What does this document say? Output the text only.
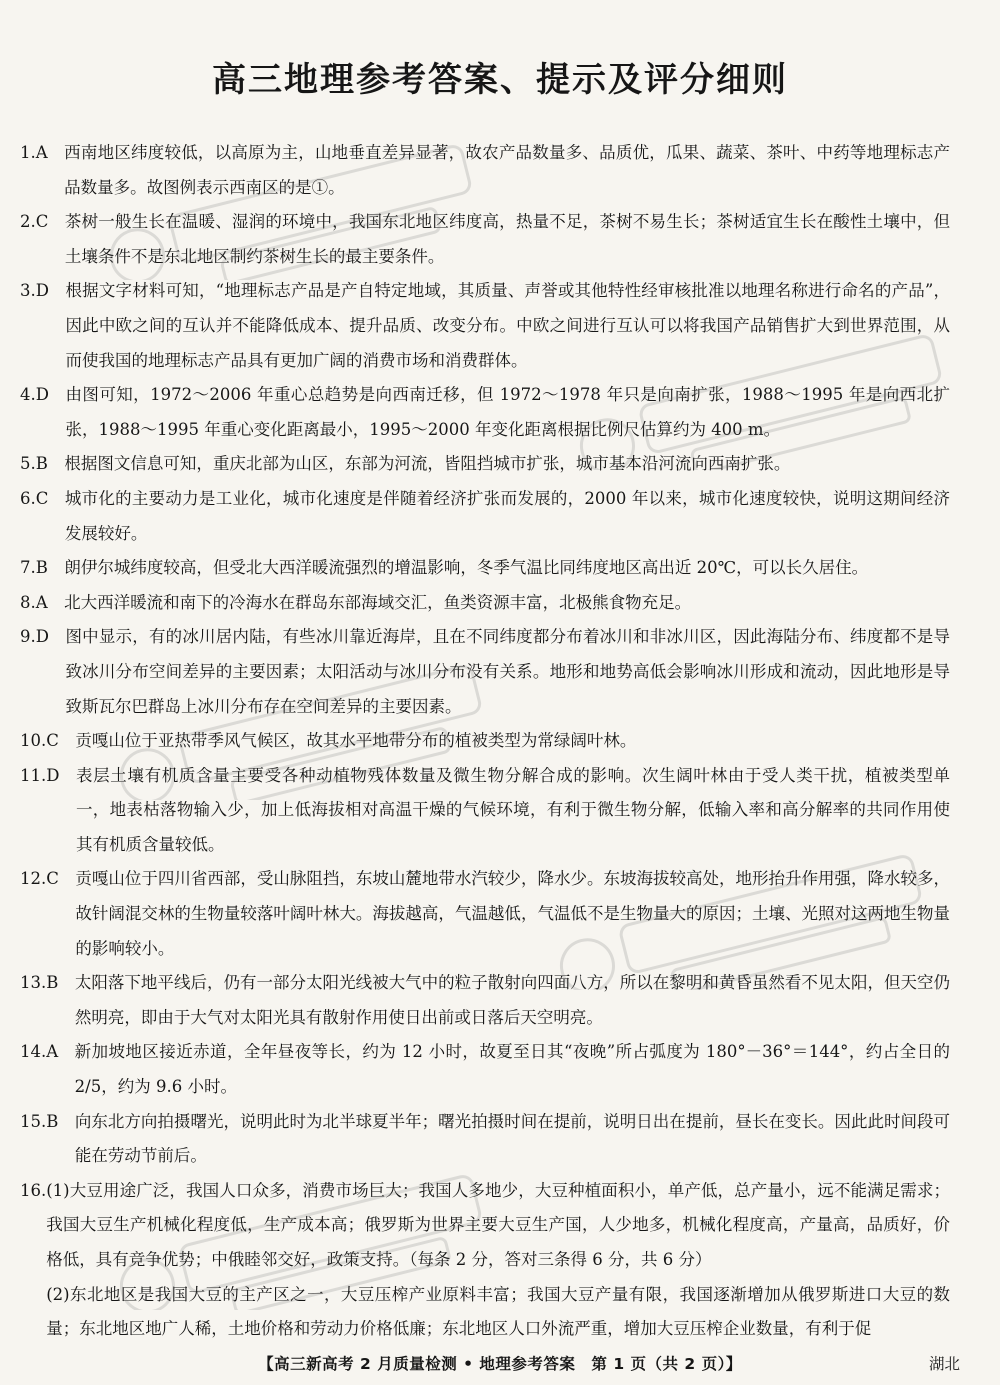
高三地理参考答案、提示及评分细则
1.A　 西南地区纬度较低，以高原为主，山地垂直差异显著，故农产品数量多、品质优，瓜果、蔬菜、茶叶、中药等地理标志产品数量多。故图例表示西南区的是①。
2.C　 茶树一般生长在温暖、湿润的环境中，我国东北地区纬度高，热量不足，茶树不易生长；茶树适宜生长在酸性土壤中，但土壤条件不是东北地区制约茶树生长的最主要条件。
3.D　 根据文字材料可知，“地理标志产品是产自特定地域，其质量、声誉或其他特性经审核批准以地理名称进行命名的产品”，因此中欧之间的互认并不能降低成本、提升品质、改变分布。中欧之间进行互认可以将我国产品销售扩大到世界范围，从而使我国的地理标志产品具有更加广阔的消费市场和消费群体。
4.D　 由图可知，1972～2006 年重心总趋势是向西南迁移，但 1972～1978 年只是向南扩张，1988～1995 年是向西北扩张，1988～1995 年重心变化距离最小，1995～2000 年变化距离根据比例尺估算约为 400 m。
5.B　 根据图文信息可知，重庆北部为山区，东部为河流，皆阻挡城市扩张，城市基本沿河流向西南扩张。
6.C　 城市化的主要动力是工业化，城市化速度是伴随着经济扩张而发展的，2000 年以来，城市化速度较快，说明这期间经济发展较好。
7.B　 朗伊尔城纬度较高，但受北大西洋暖流强烈的增温影响，冬季气温比同纬度地区高出近 20℃，可以长久居住。
8.A　 北大西洋暖流和南下的冷海水在群岛东部海域交汇，鱼类资源丰富，北极熊食物充足。
9.D　 图中显示，有的冰川居内陆，有些冰川靠近海岸，且在不同纬度都分布着冰川和非冰川区，因此海陆分布、纬度都不是导致冰川分布空间差异的主要因素；太阳活动与冰川分布没有关系。地形和地势高低会影响冰川形成和流动，因此地形是导致斯瓦尔巴群岛上冰川分布存在空间差异的主要因素。
10.C　 贡嘎山位于亚热带季风气候区，故其水平地带分布的植被类型为常绿阔叶林。
11.D　 表层土壤有机质含量主要受各种动植物残体数量及微生物分解合成的影响。次生阔叶林由于受人类干扰，植被类型单一，地表枯落物输入少，加上低海拔相对高温干燥的气候环境，有利于微生物分解，低输入率和高分解率的共同作用使其有机质含量较低。
12.C　 贡嘎山位于四川省西部，受山脉阻挡，东坡山麓地带水汽较少，降水少。东坡海拔较高处，地形抬升作用强，降水较多，故针阔混交林的生物量较落叶阔叶林大。海拔越高，气温越低，气温低不是生物量大的原因；土壤、光照对这两地生物量的影响较小。
13.B　 太阳落下地平线后，仍有一部分太阳光线被大气中的粒子散射向四面八方，所以在黎明和黄昏虽然看不见太阳，但天空仍然明亮，即由于大气对太阳光具有散射作用使日出前或日落后天空明亮。
14.A　 新加坡地区接近赤道，全年昼夜等长，约为 12 小时，故夏至日其“夜晚”所占弧度为 180°－36°＝144°，约占全日的 2/5，约为 9.6 小时。
15.B　 向东北方向拍摄曙光，说明此时为北半球夏半年；曙光拍摄时间在提前，说明日出在提前，昼长在变长。因此此时间段可能在劳动节前后。
16. (1)大豆用途广泛，我国人口众多，消费市场巨大；我国人多地少，大豆种植面积小，单产低，总产量小，远不能满足需求；我国大豆生产机械化程度低，生产成本高；俄罗斯为世界主要大豆生产国，人少地多，机械化程度高，产量高，品质好，价格低，具有竞争优势；中俄睦邻交好，政策支持。（每条 2 分，答对三条得 6 分，共 6 分）
(2)东北地区是我国大豆的主产区之一，大豆压榨产业原料丰富；我国大豆产量有限，我国逐渐增加从俄罗斯进口大豆的数量；东北地区地广人稀，土地价格和劳动力价格低廉；东北地区人口外流严重，增加大豆压榨企业数量，有利于促
【高三新高考 2 月质量检测 • 地理参考答案　第 1 页（共 2 页）】	湖北
